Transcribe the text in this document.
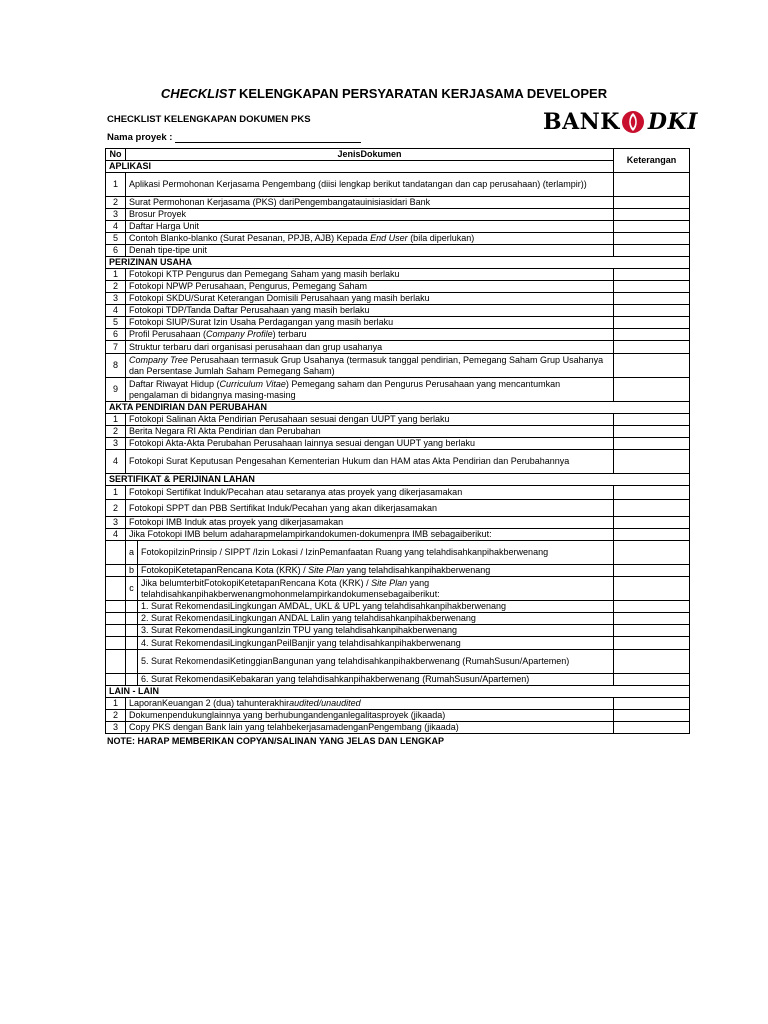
CHECKLIST KELENGKAPAN PERSYARATAN KERJASAMA DEVELOPER
CHECKLIST KELENGKAPAN DOKUMEN PKS
Nama proyek :
BANK DKI
No	JenisDokumen		Keterangan
APLIKASI			
1	Aplikasi Permohonan Kerjasama Pengembang (diisi lengkap berikut tandatangan dan cap perusahaan) (terlampir))		
2	Surat Permohonan Kerjasama (PKS) dariPengembangatauinisiasidari Bank		
3	Brosur Proyek		
4	Daftar Harga Unit		
5	Contoh Blanko-blanko (Surat Pesanan, PPJB, AJB) Kepada End User (bila diperlukan)		
6	Denah tipe-tipe unit		
PERIZINAN USAHA			
1	Fotokopi KTP Pengurus dan Pemegang Saham yang masih berlaku		
2	Fotokopi NPWP Perusahaan, Pengurus, Pemegang Saham		
3	Fotokopi SKDU/Surat Keterangan Domisili Perusahaan yang masih berlaku		
4	Fotokopi TDP/Tanda Daftar Perusahaan yang masih berlaku		
5	Fotokopi SIUP/Surat Izin Usaha Perdagangan yang masih berlaku		
6	Profil Perusahaan (Company Profile) terbaru		
7	Struktur terbaru dari organisasi perusahaan dan grup usahanya		
8	Company Tree Perusahaan termasuk Grup Usahanya (termasuk tanggal pendirian, Pemegang Saham Grup Usahanya dan Persentase Jumlah Saham Pemegang Saham)		
9	Daftar Riwayat Hidup (Curriculum Vitae) Pemegang saham dan Pengurus Perusahaan yang mencantumkan pengalaman di bidangnya masing-masing		
AKTA PENDIRIAN DAN PERUBAHAN			
1	Fotokopi Salinan Akta Pendirian Perusahaan sesuai dengan UUPT yang berlaku		
2	Berita Negara RI Akta Pendirian dan Perubahan		
3	Fotokopi Akta-Akta Perubahan Perusahaan lainnya sesuai dengan UUPT yang berlaku		
4	Fotokopi Surat Keputusan Pengesahan Kementerian Hukum dan HAM atas Akta Pendirian dan Perubahannya		
SERTIFIKAT & PERIJINAN LAHAN			
1	Fotokopi Sertifikat Induk/Pecahan atau setaranya atas proyek yang dikerjasamakan		
2	Fotokopi SPPT dan PBB Sertifikat Induk/Pecahan yang akan dikerjasamakan		
3	Fotokopi IMB Induk atas proyek yang dikerjasamakan		
4	Jika Fotokopi IMB belum adaharapmelampirkandokumen-dokumenpra IMB sebagaiberikut:		
	a	FotokopiIzinPrinsip / SIPPT /Izin Lokasi / IzinPemanfaatan Ruang yang telahdisahkanpihakberwenang	
	b	FotokopiKetetapanRencana Kota (KRK) / Site Plan yang telahdisahkanpihakberwenang	
	c	Jika belumterbitFotokopiKetetapanRencana Kota (KRK) / Site Plan yang telahdisahkanpihakberwenangmohonmelampirkandokumensebagaiberikut:	
		1. Surat RekomendasiLingkungan AMDAL, UKL & UPL yang telahdisahkanpihakberwenang	
		2. Surat RekomendasiLingkungan ANDAL Lalin yang telahdisahkanpihakberwenang	
		3. Surat RekomendasiLingkunganIzin TPU yang telahdisahkanpihakberwenang	
		4. Surat RekomendasiLingkunganPeilBanjir yang telahdisahkanpihakberwenang	
		5. Surat RekomendasiKetinggianBangunan yang telahdisahkanpihakberwenang (RumahSusun/Apartemen)	
		6. Surat RekomendasiKebakaran yang telahdisahkanpihakberwenang (RumahSusun/Apartemen)	
LAIN - LAIN			
1	LaporanKeuangan 2 (dua) tahunterakhiraudited/unaudited		
2	Dokumenpendukunglainnya yang berhubungandenganlegalitasproyek (jikaada)		
3	Copy PKS dengan Bank lain yang telahbekerjasamadenganPengembang (jikaada)		
NOTE: HARAP MEMBERIKAN COPYAN/SALINAN YANG JELAS DAN LENGKAP
